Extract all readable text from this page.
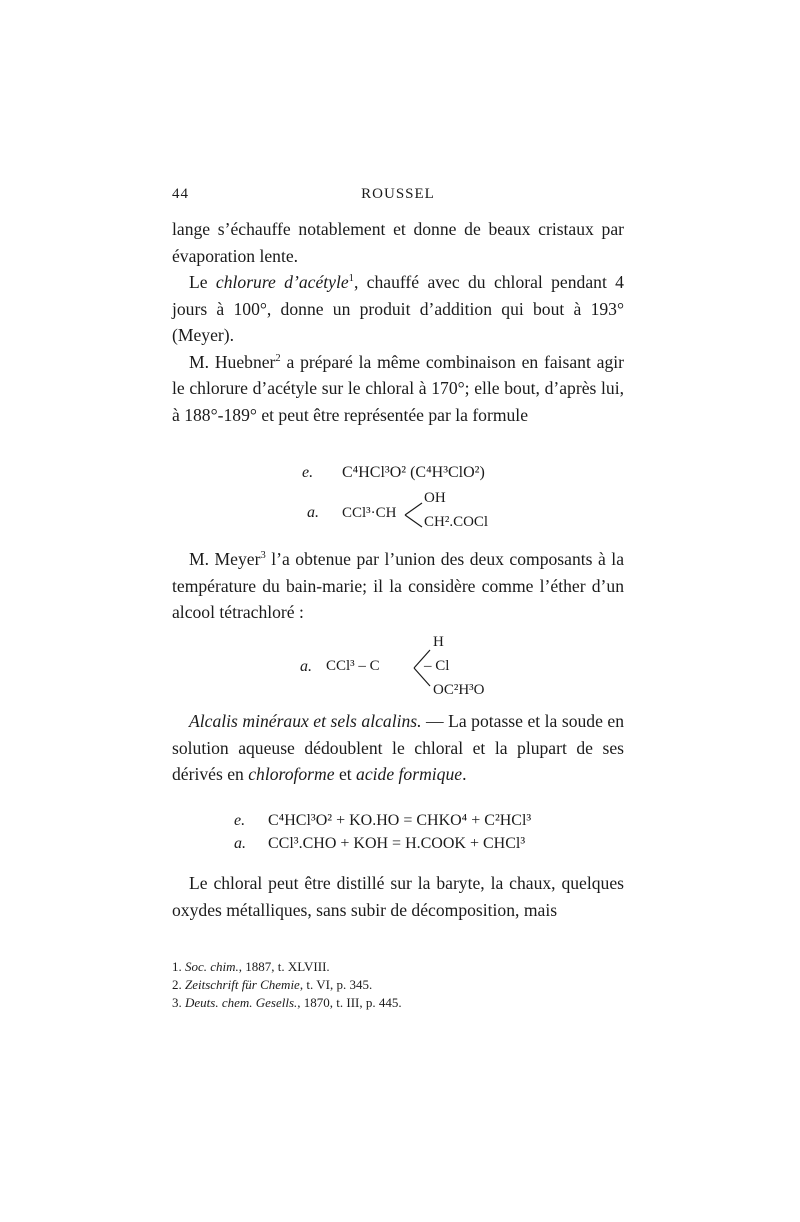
44	ROUSSEL

lange s’échauffe notablement et donne de beaux cristaux par évaporation lente.

Le chlorure d’acétyle$^1$, chauffé avec du chloral pendant 4 jours à 100°, donne un produit d’addition qui bout à 193° (Meyer).

M. Huebner$^2$ a préparé la même combinaison en faisant agir le chlorure d’acétyle sur le chloral à 170°; elle bout, d’après lui, à 188°-189° et peut être représentée par la formule

e. C⁴HCl³O² (C⁴H³ClO²)
a. CCl³·CH
OH
CH².COCl

M. Meyer$^3$ l’a obtenue par l’union des deux composants à la température du bain-marie; il la considère comme l’éther d’un alcool tétrachloré :

a. CCl³ – C
H
– Cl
OC²H³O

Alcalis minéraux et sels alcalins. — La potasse et la soude en solution aqueuse dédoublent le chloral et la plupart de ses dérivés en chloroforme et acide formique.

e. C⁴HCl³O² + KO.HO = CHKO⁴ + C²HCl³
a. CCl³.CHO + KOH = H.COOK + CHCl³

Le chloral peut être distillé sur la baryte, la chaux, quelques oxydes métalliques, sans subir de décomposition, mais

1. Soc. chim., 1887, t. XLVIII.
2. Zeitschrift für Chemie, t. VI, p. 345.
3. Deuts. chem. Gesells., 1870, t. III, p. 445.
